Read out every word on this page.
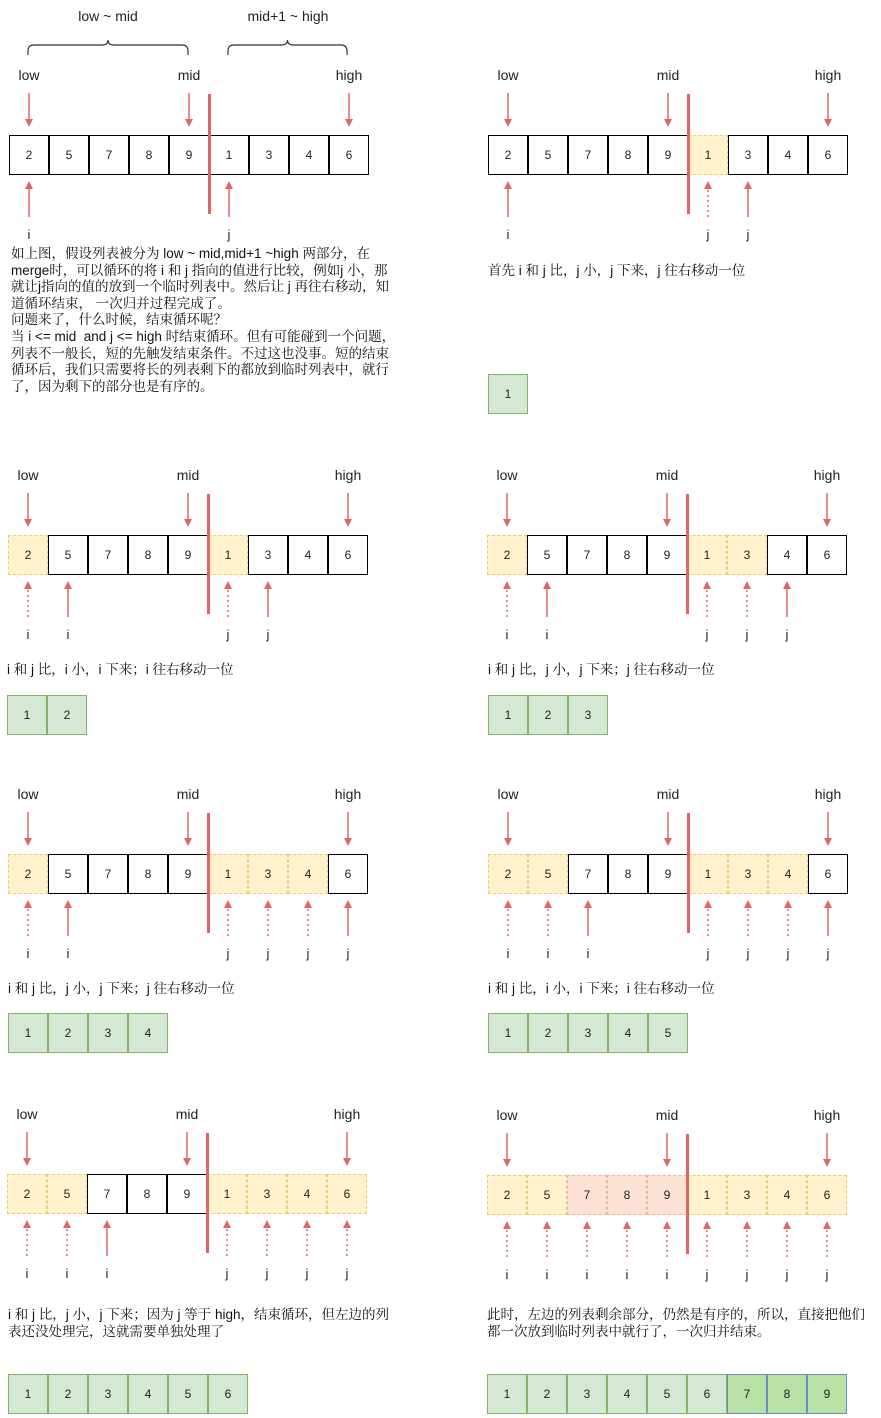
low	mid	high
2	5	7	8	9	1	3	4	6
i	j
low	mid	high
2	5	7	8	9	1	3	4	6
i	j
j
首先 i 和 j 比，j 小，j 下来，j 往右移动一位
1
low	mid	high
2	5	7	8	9	1	3	4	6
i
i	j
j
i 和 j 比，i 小，i 下来；i 往右移动一位
1	2
low	mid	high
2	5	7	8	9	1	3	4	6
i
i	j
j	j
i 和 j 比，j 小，j 下来；j 往右移动一位
1	2	3
low	mid	high
2	5	7	8	9	1	3	4	6
i
i	j
j	j	j
i 和 j 比，j 小，j 下来；j 往右移动一位
1	2	3	4
low	mid	high
2	5	7	8	9	1	3	4	6
i
i	i	j
j	j	j
i 和 j 比，i 小，i 下来；i 往右移动一位
1	2	3	4	5
low	mid	high
2	5	7	8	9	1	3	4	6
i
i	i	j	j	j	j
i 和 j 比，j 小，j 下来；因为 j 等于 high，结束循环，但左边的列表还没处理完，这就需要单独处理了
1	2	3	4	5	6
low	mid	high
2	5	7	8	9	1	3	4	6
i	i	i	i	i	j	j	j	j
此时，左边的列表剩余部分，仍然是有序的，所以，直接把他们都一次放到临时列表中就行了，一次归并结束。
1	2	3	4	5	6	7	8	9
low ~ mid	mid+1 ~ high
如上图，假设列表被分为 low ~ mid,mid+1 ~high 两部分，在merge时，可以循环的将 i 和 j 指向的值进行比较，例如j 小，那就让j指向的值的放到一个临时列表中。然后让 j 再往右移动，知道循环结束， 一次归并过程完成了。
问题来了，什么时候，结束循环呢？
当 i <= mid  and j <= high 时结束循环。但有可能碰到一个问题，列表不一般长，短的先触发结束条件。不过这也没事。短的结束循环后，我们只需要将长的列表剩下的都放到临时列表中，就行了，因为剩下的部分也是有序的。
